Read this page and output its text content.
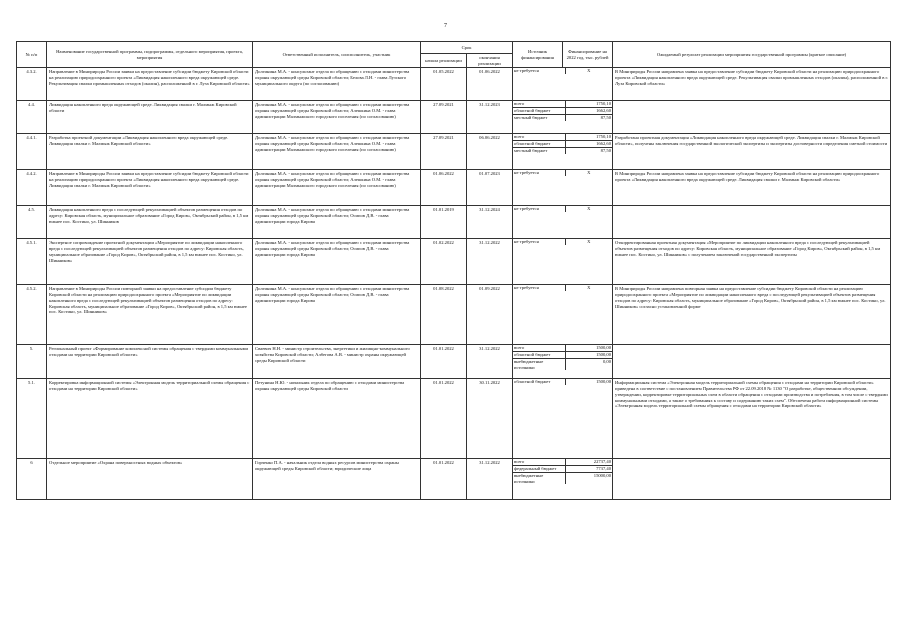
7
№ п/п	Наименование государственной программы, подпрограммы, отдельного мероприятия, проекта, мероприятия	Ответственный исполнитель, соисполнитель, участник	Срок	Источник финансирования	Финансирование на 2022 год, тыс. рублей	Ожидаемый результат реализации мероприятия государственной программы (краткое описание)
начала реализации	окончания реализации
4.3.2.	Направление в Минприроды России заявки на предоставление субсидии бюджету Кировской области на реализацию природоохранного проекта «Ликвидация накопленного вреда окружающей среде. Рекультивация свалки промышленных отходов (окалин), расположенной в г. Луза Кировской области»	Долгинина М.А. - консультант отдела по обращению с отходами министерства охраны окружающей среды Кировской области; Белова Л.Н. - глава Лузского муниципального округа (по согласованию)	01.05.2022	01.06.2022		не требуется	X
		В Минприроды России направлена заявка на предоставление субсидии бюджету Кировской области на реализацию природоохранного проекта «Ликвидация накопленного вреда окружающей среде. Рекультивация свалки промышленных отходов (окалин), расположенной в г. Луза Кировской области»
4.4.	Ликвидация накопленного вреда окружающей среде. Ликвидация свалки г. Малмыж Кировской области	Долгинина М.А. - консультант отдела по обращению с отходами министерства охраны окружающей среды Кировской области; Алешкина О.М. - глава администрации Малмыжского городского поселения (по согласованию)	27.09.2021	31.12.2023		всего	1750,10
областной бюджет	1662,60
местный бюджет	87,50

4.4.1.	Разработка проектной документации «Ликвидация накопленного вреда окружающей среде. Ликвидация свалки г. Малмыж Кировской области»	Долгинина М.А. - консультант отдела по обращению с отходами министерства охраны окружающей среды Кировской области; Алешкина О.М. - глава администрации Малмыжского городского поселения (по согласованию)	27.09.2021	06.06.2022		всего	1750,10
областной бюджет	1662,60
местный бюджет	87,50
	Разработана проектная документация «Ликвидация накопленного вреда окружающей среде. Ликвидация свалки г. Малмыж Кировской области», получены заключения государственной экологической экспертизы и экспертизы достоверности определения сметной стоимости
4.4.2.	Направление в Минприроды России заявки на предоставление субсидии бюджету Кировской области на реализацию природоохранного проекта «Ликвидация накопленного вреда окружающей среде. Ликвидация свалки г. Малмыж Кировской области»	Долгинина М.А. - консультант отдела по обращению с отходами министерства охраны окружающей среды Кировской области; Алешкина О.М. - глава администрации Малмыжского городского поселения (по согласованию)	01.06.2022	01.07.2023		не требуется	X
		В Минприроды России направлена заявка на предоставление субсидии бюджету Кировской области на реализацию природоохранного проекта «Ликвидация накопленного вреда окружающей среде. Ликвидация свалки г. Малмыж Кировской области»
4.5.	Ликвидация накопленного вреда с последующей рекультивацией объектов размещения отходов по адресу: Кировская область, муниципальное образование «Город Киров», Октябрьский район, в 1,5 км южнее пос. Костино, ул. Шинников	Долгинина М.А. - консультант отдела по обращению с отходами министерства охраны окружающей среды Кировской области; Осипов Д.В. - глава администрации города Кирова	01.01.2019	31.12.2024		не требуется	X

4.5.1.	Экспертное сопровождение проектной документации «Мероприятие по ликвидации накопленного вреда с последующей рекультивацией объектов размещения отходов по адресу: Кировская область, муниципальное образование «Город Киров», Октябрьский район, в 1,5 км южнее пос. Костино, ул. Шинников»	Долгинина М.А. - консультант отдела по обращению с отходами министерства охраны окружающей среды Кировской области; Осипов Д.В. - глава администрации города Кирова	01.02.2022	31.12.2022		не требуется	X
		Откорректированная проектная документация «Мероприятие по ликвидации накопленного вреда с последующей рекультивацией объектов размещения отходов по адресу: Кировская область, муниципальное образование «Город Киров», Октябрьский район, в 1,5 км южнее пос. Костино, ул. Шинников» с получением заключений государственной экспертизы
4.5.2.	Направление в Минприроды России повторной заявки на предоставление субсидии бюджету Кировской области на реализацию природоохранного проекта «Мероприятие по ликвидации накопленного вреда с последующей рекультивацией объектов размещения отходов по адресу: Кировская область, муниципальное образование «Город Киров», Октябрьский район, в 1,5 км южнее пос. Костино, ул. Шинников»	Долгинина М.А. - консультант отдела по обращению с отходами министерства охраны окружающей среды Кировской области; Осипов Д.В. - глава администрации города Кирова	01.08.2022	01.09.2022		не требуется	X
		В Минприроды России направлена повторная заявка на предоставление субсидии бюджету Кировской области на реализацию природоохранного проекта «Мероприятие по ликвидации накопленного вреда с последующей рекультивацией объектов размещения отходов по адресу: Кировская область, муниципальное образование «Город Киров», Октябрьский район, в 1,5 км южнее пос. Костино, ул. Шинников» согласно установленной форме
5.	Региональный проект «Формирование комплексной системы обращения с твердыми коммунальными отходами на территории Кировской области»	Сваевич Н.Н. - министр строительства, энергетики и жилищно-коммунального хозяйства Кировской области; Албегова А.В. - министр охраны окружающей среды Кировской области	01.01.2022	31.12.2022		всего	1500,00
областной бюджет	1500,00
внебюджетные источники	0,00

5.1.	Корректировка информационной системы «Электронная модель территориальной схемы обращения с отходами на территории Кировской области»	Петунина Н.Ю. - начальник отдела по обращению с отходами министерства охраны окружающей среды Кировской области	01.01.2022	30.11.2022		областной бюджет	1500,00
	Информационная система «Электронная модель территориальной схемы обращения с отходами на территории Кировской области» приведена в соответствие с постановлением Правительства РФ от 22.09.2018 № 1130 "О разработке, общественном обсуждении, утверждении, корректировке территориальных схем в области обращения с отходами производства и потребления, в том числе с твердыми коммунальными отходами, а также о требованиях к составу и содержанию таких схем". Обеспечена работа информационной системы «Электронная модель территориальной схемы обращения с отходами на территории Кировской области»
6	Отдельное мероприятие «Охрана поверхностных водных объектов»	Горченко П.А. - начальник отдела водных ресурсов министерства охраны окружающей среды Кировской области; юридические лица	01.01.2022	31.12.2022		всего	22737,40
федеральный бюджет	7737,40
внебюджетные источники	15000,00
